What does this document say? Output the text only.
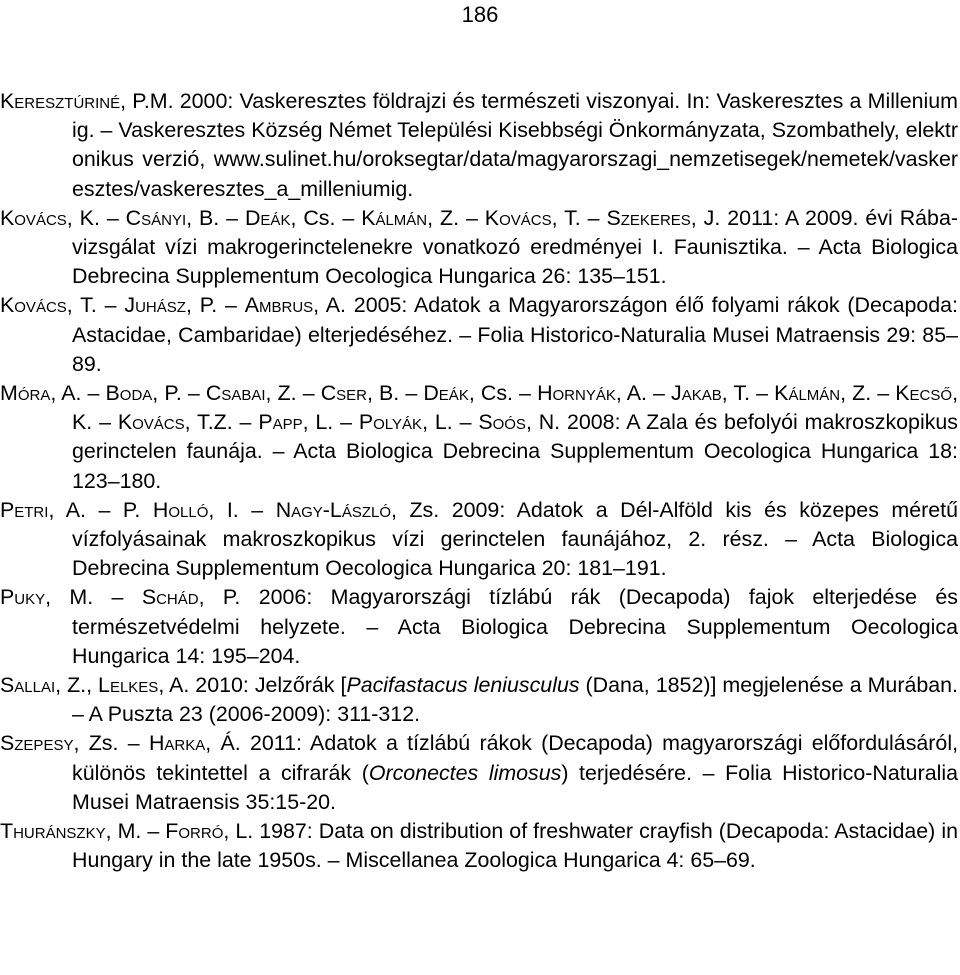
186

Keresztúriné, P.M. 2000: Vaskeresztes földrajzi és természeti viszonyai. In: Vaskeresztes a Milleniumig. – Vaskeresztes Község Német Települési Kisebbségi Önkormányzata, Szombathely, elektronikus verzió, www.sulinet.hu/oroksegtar/data/magyarorszagi_nemzetisegek/nemetek/vaskeresztes/vaskeresztes_a_milleniumig.

Kovács, K. – Csányi, B. – Deák, Cs. – Kálmán, Z. – Kovács, T. – Szekeres, J. 2011: A 2009. évi Rába-vizsgálat vízi makrogerinctelenekre vonatkozó eredményei I. Faunisztika. – Acta Biologica Debrecina Supplementum Oecologica Hungarica 26: 135–151.

Kovács, T. – Juhász, P. – Ambrus, A. 2005: Adatok a Magyarországon élő folyami rákok (Decapoda: Astacidae, Cambaridae) elterjedéséhez. – Folia Historico-Naturalia Musei Matraensis 29: 85–89.

Móra, A. – Boda, P. – Csabai, Z. – Cser, B. – Deák, Cs. – Hornyák, A. – Jakab, T. – Kálmán, Z. – Kecső, K. – Kovács, T.Z. – Papp, L. – Polyák, L. – Soós, N. 2008: A Zala és befolyói makroszkopikus gerinctelen faunája. – Acta Biologica Debrecina Supplementum Oecologica Hungarica 18: 123–180.

Petri, A. – P. Holló, I. – Nagy-László, Zs. 2009: Adatok a Dél-Alföld kis és közepes méretű vízfolyásainak makroszkopikus vízi gerinctelen faunájához, 2. rész. – Acta Biologica Debrecina Supplementum Oecologica Hungarica 20: 181–191.

Puky, M. – Schád, P. 2006: Magyarországi tízlábú rák (Decapoda) fajok elterjedése és természetvédelmi helyzete. – Acta Biologica Debrecina Supplementum Oecologica Hungarica 14: 195–204.

Sallai, Z., Lelkes, A. 2010: Jelzőrák [Pacifastacus leniusculus (Dana, 1852)] megjelenése a Murában. – A Puszta 23 (2006-2009): 311-312.

Szepesy, Zs. – Harka, Á. 2011: Adatok a tízlábú rákok (Decapoda) magyarországi előfordulásáról, különös tekintettel a cifrarák (Orconectes limosus) terjedésére. – Folia Historico-Naturalia Musei Matraensis 35:15-20.

Thuránszky, M. – Forró, L. 1987: Data on distribution of freshwater crayfish (Decapoda: Astacidae) in Hungary in the late 1950s. – Miscellanea Zoologica Hungarica 4: 65–69.
